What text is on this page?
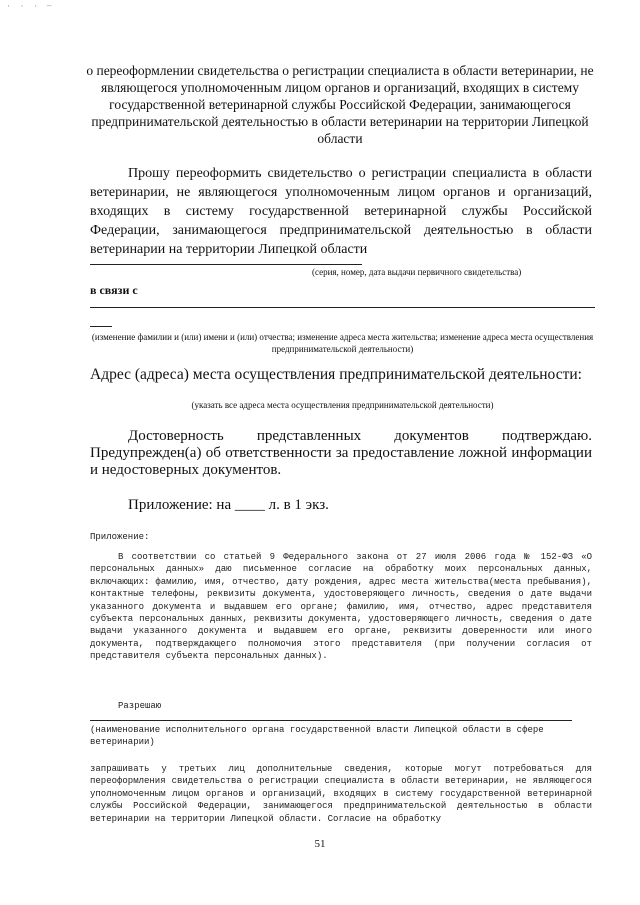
· · · —
о переоформлении свидетельства о регистрации специалиста в области ветеринарии, не являющегося уполномоченным лицом органов и организаций, входящих в систему государственной ветеринарной службы Российской Федерации, занимающегося предпринимательской деятельностью в области ветеринарии на территории Липецкой области
Прошу переоформить свидетельство о регистрации специалиста в области ветеринарии, не являющегося уполномоченным лицом органов и организаций, входящих в систему государственной ветеринарной службы Российской Федерации, занимающегося предпринимательской деятельностью в области ветеринарии на территории Липецкой области
(серия, номер, дата выдачи первичного свидетельства)
в связи с
(изменение фамилии и (или) имени и (или) отчества; изменение адреса места жительства; изменение адреса места осуществления предпринимательской деятельности)
Адрес (адреса) места осуществления предпринимательской деятельности:
(указать все адреса места осуществления предпринимательской деятельности)
Достоверность представленных документов подтверждаю. Предупрежден(а) об ответственности за предоставление ложной информации и недостоверных документов.
Приложение: на ____ л. в 1 экз.
Приложение:
В соответствии со статьей 9 Федерального закона от 27 июля 2006 года № 152-ФЗ «О персональных данных» даю письменное согласие на обработку моих персональных данных, включающих: фамилию, имя, отчество, дату рождения, адрес места жительства(места пребывания), контактные телефоны, реквизиты документа, удостоверяющего личность, сведения о дате выдачи указанного документа и выдавшем его органе; фамилию, имя, отчество, адрес представителя субъекта персональных данных, реквизиты документа, удостоверяющего личность, сведения о дате выдачи указанного документа и выдавшем его органе, реквизиты доверенности или иного документа, подтверждающего полномочия этого представителя (при получении согласия от представителя субъекта персональных данных).
Разрешаю
(наименование исполнительного органа государственной власти Липецкой области в сфере ветеринарии)
запрашивать у третьих лиц дополнительные сведения, которые могут потребоваться для переоформления свидетельства о регистрации специалиста в области ветеринарии, не являющегося уполномоченным лицом органов и организаций, входящих в систему государственной ветеринарной службы Российской Федерации, занимающегося предпринимательской деятельностью в области ветеринарии на территории Липецкой области. Согласие на обработку
51
